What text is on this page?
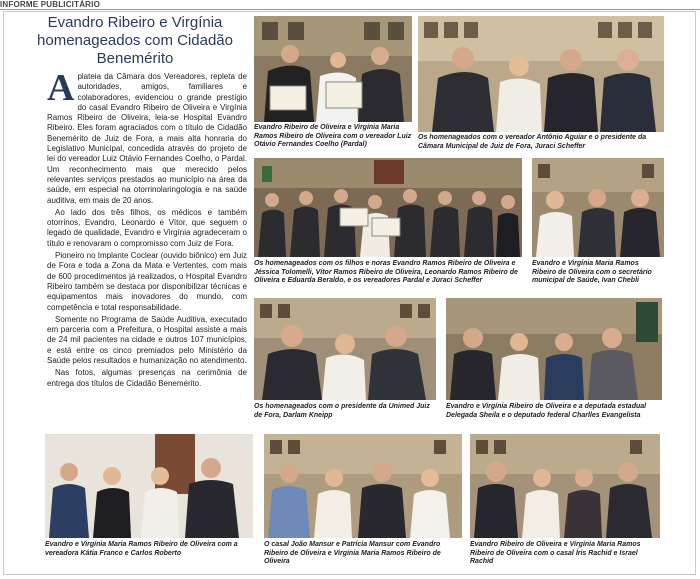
INFORME PUBLICITÁRIO
Evandro Ribeiro e Virgínia homenageados com Cidadão Benemérito

Aplateia da Câmara dos Vereadores, repleta de autoridades, amigos, familiares e colaboradores, evidenciou o grande prestígio do casal Evandro Ribeiro de Oliveira e Virgínia Ramos Ribeiro de Oliveira, leia-se Hospital Evandro Ribeiro. Eles foram agraciados com o título de Cidadão Benemérito de Juiz de Fora, a mais alta honraria do Legislativo Municipal, concedida através do projeto de lei do vereador Luiz Otávio Fernandes Coelho, o Pardal. Um reconhecimento mais que merecido pelos relevantes serviços prestados ao município na área da saúde, em especial na otorrinolaringologia e na saúde auditiva, em mais de 20 anos.

Ao lado dos três filhos, os médicos e também otorrinos, Evandro, Leonardo e Vítor, que seguem o legado de qualidade, Evandro e Virgínia agradeceram o título e renovaram o compromisso com Juiz de Fora.

Pioneiro no Implante Coclear (ouvido biônico) em Juiz de Fora e toda a Zona da Mata e Vertentes, com mais de 600 procedimentos já realizados, o Hospital Evandro Ribeiro também se destaca por disponibilizar técnicas e equipamentos mais inovadores do mundo, com competência e total responsabilidade.

Somente no Programa de Saúde Auditiva, executado em parceria com a Prefeitura, o Hospital assiste a mais de 24 mil pacientes na cidade e outros 107 municípios, e está entre os cinco premiados pelo Ministério da Saúde pelos resultados e humanização no atendimento.

Nas fotos, algumas presenças na cerimônia de entrega dos títulos de Cidadão Benemérito.

Evandro Ribeiro de Oliveira e Virgínia Maria Ramos Ribeiro de Oliveira com o vereador Luiz Otávio Fernandes Coelho (Pardal)
Os homenageados com o vereador Antônio Aguiar e o presidente da Câmara Municipal de Juiz de Fora, Juraci Scheffer
Os homenageados com os filhos e noras Evandro Ramos Ribeiro de Oliveira e Jéssica Tolomelli, Vítor Ramos Ribeiro de Oliveira, Leonardo Ramos Ribeiro de Oliveira e Eduarda Beraldo, e os vereadores Pardal e Juraci Scheffer
Evandro e Virgínia Maria Ramos Ribeiro de Oliveira com o secretário municipal de Saúde, Ivan Chebli
Os homenageados com o presidente da Unimed Juiz de Fora, Darlam Kneipp
Evandro e Virgínia Ribeiro de Oliveira e a deputada estadual Delegada Sheila e o deputado federal Charlles Evangelista
Evandro e Virgínia Maria Ramos Ribeiro de Oliveira com a vereadora Kátia Franco e Carlos Roberto
O casal João Mansur e Patrícia Mansur com Evandro Ribeiro de Oliveira e Virgínia Maria Ramos Ribeiro de Oliveira
Evandro Ribeiro de Oliveira e Virgínia Maria Ramos Ribeiro de Oliveira com o casal Íris Rachid e Israel Rachid
